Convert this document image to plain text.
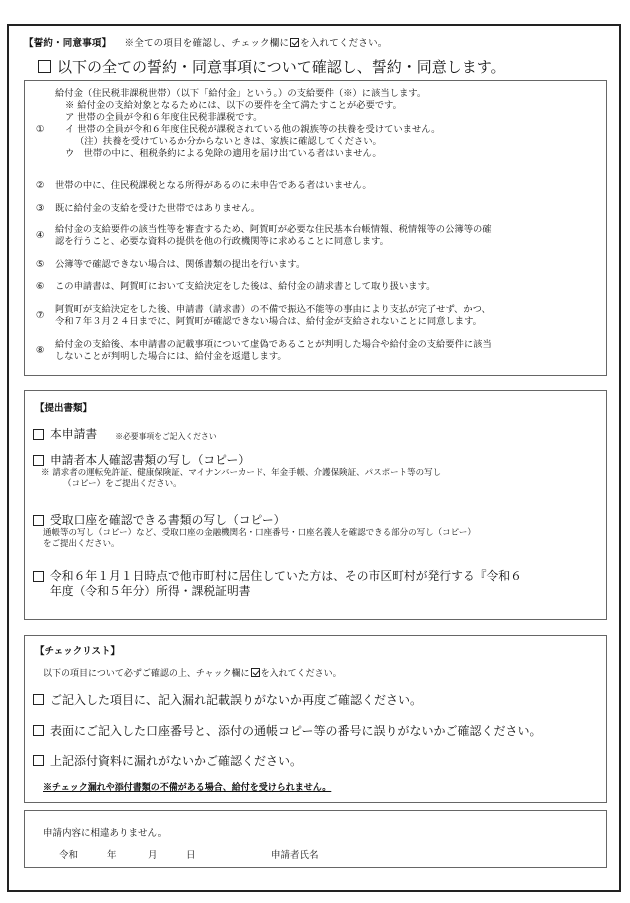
【誓約・同意事項】 ※全ての項目を確認し、チェック欄に を入れてください。
以下の全ての誓約・同意事項について確認し、誓約・同意します。
①
給付金（住民税非課税世帯）（以下「給付金」という。）の支給要件（※）に該当します。
※ 給付金の支給対象となるためには、以下の要件を全て満たすことが必要です。
ア 世帯の全員が令和６年度住民税非課税です。
イ 世帯の全員が令和６年度住民税が課税されている他の親族等の扶養を受けていません。
（注）扶養を受けているか分からないときは、家族に確認してください。
ウ　世帯の中に、租税条約による免除の適用を届け出ている者はいません。
②	世帯の中に、住民税課税となる所得があるのに未申告である者はいません。
③	既に給付金の支給を受けた世帯ではありません。
④
給付金の支給要件の該当性等を審査するため、阿賀町が必要な住民基本台帳情報、税情報等の公簿等の確
認を行うこと、必要な資料の提供を他の行政機関等に求めることに同意します。
⑤	公簿等で確認できない場合は、関係書類の提出を行います。
⑥	この申請書は、阿賀町において支給決定をした後は、給付金の請求書として取り扱います。
⑦
阿賀町が支給決定をした後、申請書（請求書）の不備で振込不能等の事由により支払が完了せず、かつ、
令和７年３月２４日までに、阿賀町が確認できない場合は、給付金が支給されないことに同意します。
⑧
給付金の支給後、本申請書の記載事項について虚偽であることが判明した場合や給付金の支給要件に該当
しないことが判明した場合には、給付金を返還します。
【提出書類】
本申請書 ※必要事項をご記入ください
申請者本人確認書類の写し（コピー）
※ 請求者の運転免許証、健康保険証、マイナンバーカード、年金手帳、介護保険証、パスポート等の写し
（コピー）をご提出ください。
受取口座を確認できる書類の写し（コピー）
通帳等の写し（コピー）など、受取口座の金融機関名・口座番号・口座名義人を確認できる部分の写し（コピー）
をご提出ください。
令和６年１月１日時点で他市町村に居住していた方は、その市区町村が発行する『令和６
年度（令和５年分）所得・課税証明書
【チェックリスト】
以下の項目について必ずご確認の上、チャック欄に を入れてください。
ご記入した項目に、記入漏れ記載誤りがないか再度ご確認ください。
表面にご記入した口座番号と、添付の通帳コピー等の番号に誤りがないかご確認ください。
上記添付資料に漏れがないかご確認ください。
※チェック漏れや添付書類の不備がある場合、給付を受けられません。
申請内容に相違ありません。
令和	年	月	日	申請者氏名
